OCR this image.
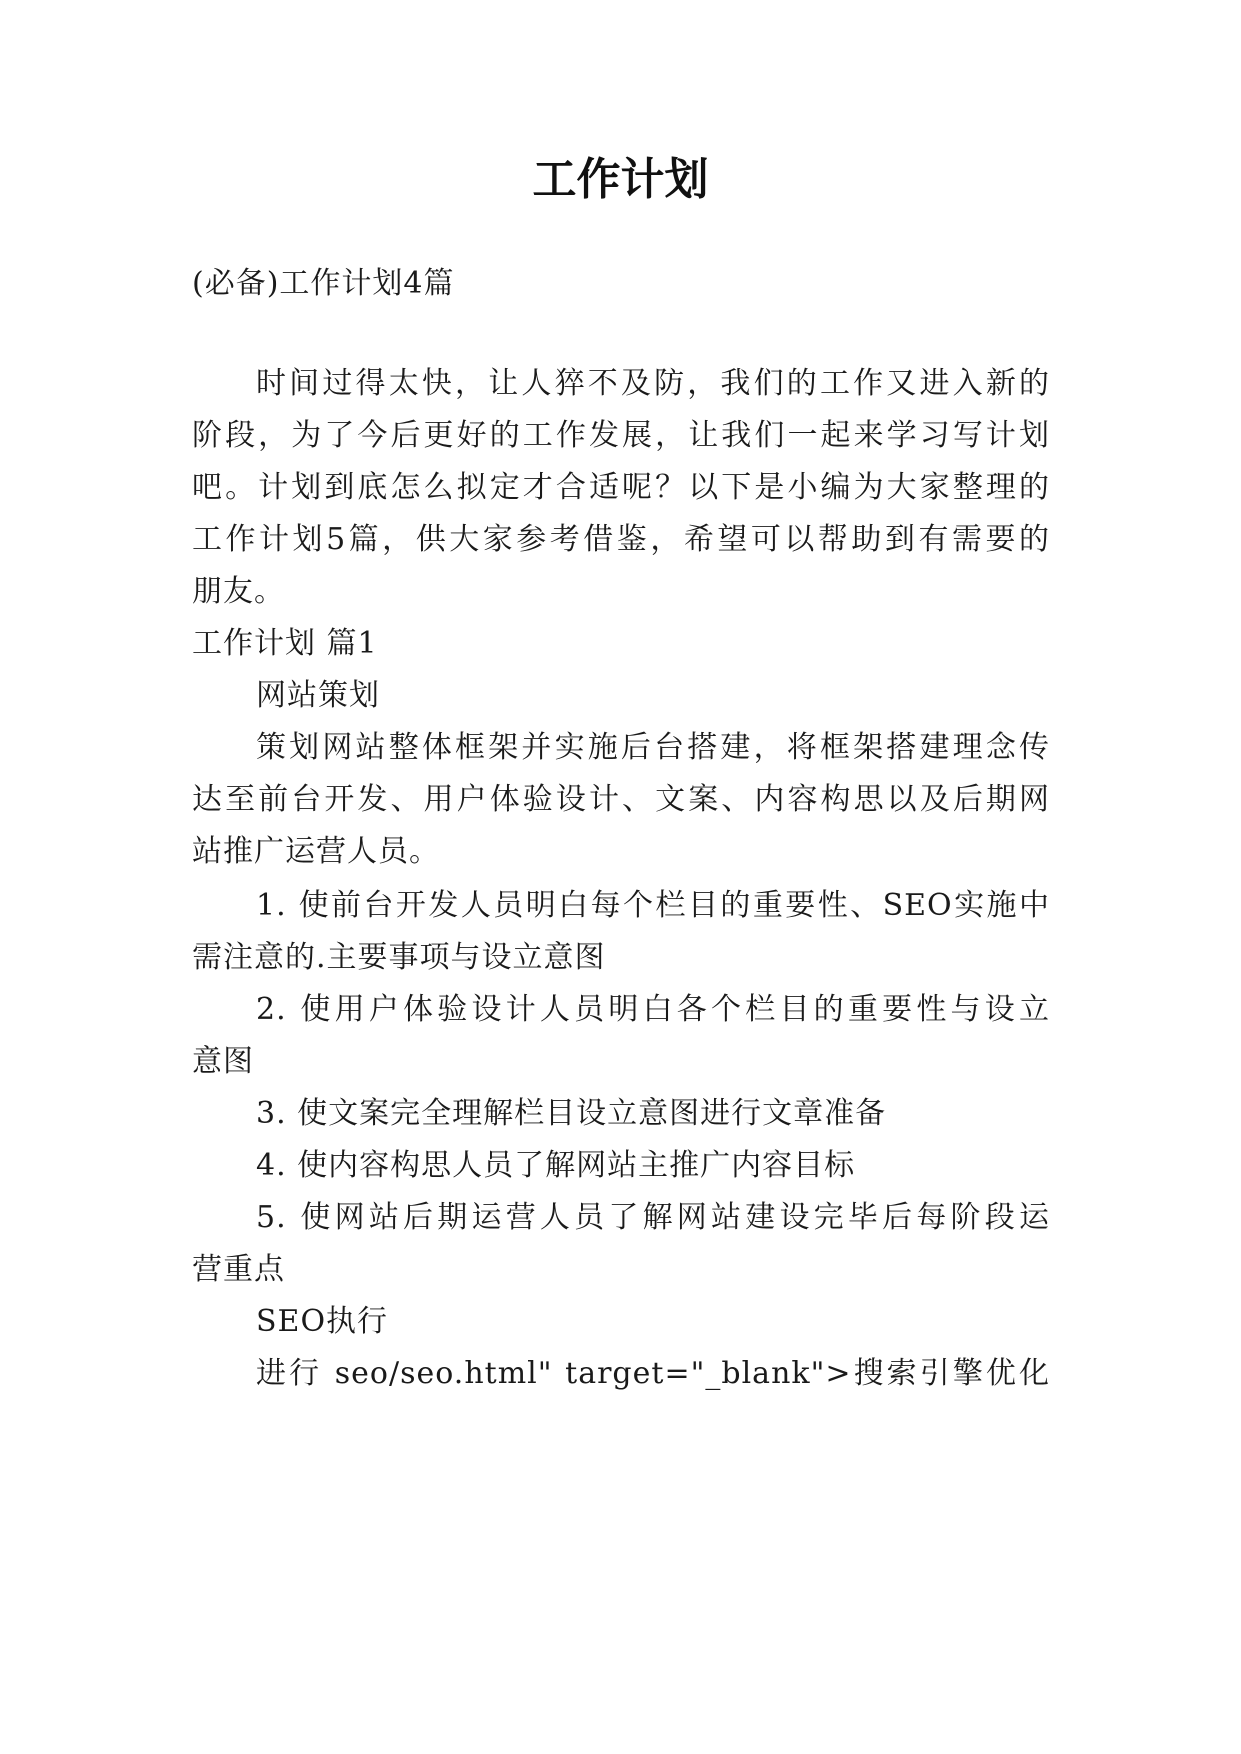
工作计划
(必备)工作计划4篇
时间过得太快，让人猝不及防，我们的工作又进入新的
阶段，为了今后更好的工作发展，让我们一起来学习写计划
吧。计划到底怎么拟定才合适呢？以下是小编为大家整理的
工作计划5篇，供大家参考借鉴，希望可以帮助到有需要的
朋友。
工作计划 篇1
网站策划
策划网站整体框架并实施后台搭建，将框架搭建理念传
达至前台开发、用户体验设计、文案、内容构思以及后期网
站推广运营人员。
1. 使前台开发人员明白每个栏目的重要性、SEO实施中
需注意的.主要事项与设立意图
2. 使用户体验设计人员明白各个栏目的重要性与设立
意图
3. 使文案完全理解栏目设立意图进行文章准备
4. 使内容构思人员了解网站主推广内容目标
5. 使网站后期运营人员了解网站建设完毕后每阶段运
营重点
SEO执行
进行 seo/seo.html" target="_blank">搜索引擎优化
